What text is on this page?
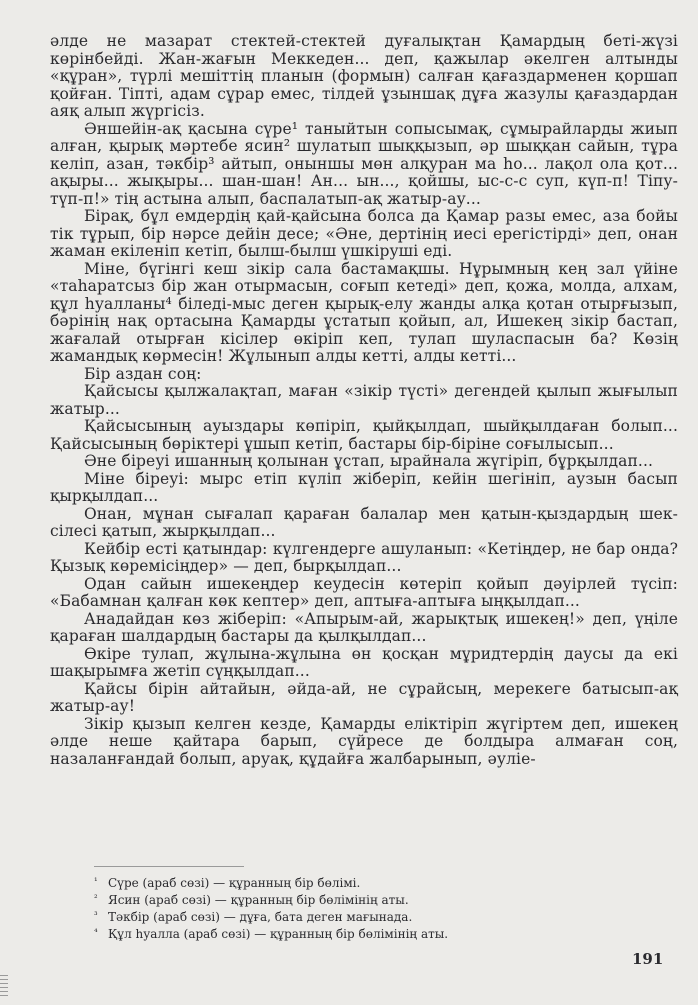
әлде не мазарат стектей-стектей дуғалықтан Қамардың беті-жүзі көрінбейді. Жан-жағын Меккеден... деп, қажылар әкелген алтынды «құран», түрлі мешіттің планын (формын) салған қағаздарменен қоршап қойған. Тіпті, адам сұрар емес, тілдей ұзыншақ дұға жазулы қағаздардан аяқ алып жүргісіз.

Әншейін-ақ қасына сүре¹ таныйтын сопысымақ, сұмырайларды жиып алған, қырық мәртебе ясин² шулатып шыққызып, әр шыққан сайын, тұра келіп, азан, тәкбір³ айтып, оныншы мөн алқуран ма hо... лақол ола қот... ақыры... жықыры... шан-шан! Ан... ын..., қойшы, ыс-с-с суп, күп-п! Тіпу-түп-п!» тің астына алып, баспалатып-ақ жатыр-ау...

Бірақ, бұл емдердің қай-қайсына болса да Қамар разы емес, аза бойы тік тұрып, бір нәрсе дейін десе; «Әне, дертінің иесі ерегістірді» деп, онан жаман екіленіп кетіп, былш-былш үшкіруші еді.

Міне, бүгінгі кеш зікір сала бастамақшы. Нұрымның кең зал үйіне «таһаратсыз бір жан отырмасын, соғып кетеді» деп, қожа, молда, алхам, құл һуалланы⁴ біледі-мыс деген қырық-елу жанды алқа қотан отырғызып, бәрінің нақ ортасына Қамарды ұстатып қойып, ал, Ишекең зікір бастап, жағалай отырған кісілер өкіріп кеп, тулап шуласпасын ба? Көзің жамандық көрмесін! Жұлынып алды кетті, алды кетті...

Бір аздан соң:

Қайсысы қылжалақтап, маған «зікір түсті» дегендей қылып жығылып жатыр...

Қайсысының ауыздары көпіріп, қыйқылдап, шыйқылдаған болып... Қайсысының бөріктері ұшып кетіп, бастары бір-біріне соғылысып...

Әне біреуі ишанның қолынан ұстап, ырайнала жүгіріп, бұрқылдап...

Міне біреуі: мырс етіп күліп жіберіп, кейін шегініп, аузын басып қырқылдап...

Онан, мұнан сығалап қараған балалар мен қатын-қыздардың шек-сілесі қатып, жырқылдап...

Кейбір есті қатындар: күлгендерге ашуланып: «Кетіңдер, не бар онда? Қызық көремісіңдер» — деп, бырқылдап...

Одан сайын ишекеңдер кеудесін көтеріп қойып дәуірлей түсіп: «Бабамнан қалған көк кептер» деп, аптыға-аптыға ыңқылдап...

Анадайдан көз жіберіп: «Апырым-ай, жарықтық ишекең!» деп, үңіле қараған шалдардың бастары да қылқылдап...

Өкіре тулап, жұлына-жұлына өн қосқан мұридтердің даусы да екі шақырымға жетіп сүңқылдап...

Қайсы бірін айтайын, әйда-ай, не сұрайсың, мерекеге батысып-ақ жатыр-ау!

Зікір қызып келген кезде, Қамарды еліктіріп жүгіртем деп, ишекең әлде неше қайтара барып, сүйресе де болдыра алмаған соң, назаланғандай болып, аруақ, құдайға жалбарынып, әуліе-

¹ Сүре (араб сөзі) — құранның бір бөлімі.
² Ясин (араб сөзі) — құранның бір бөлімінің аты.
³ Тәкбір (араб сөзі) — дұға, бата деген мағынада.
⁴ Құл һуалла (араб сөзі) — құранның бір бөлімінің аты.
191
